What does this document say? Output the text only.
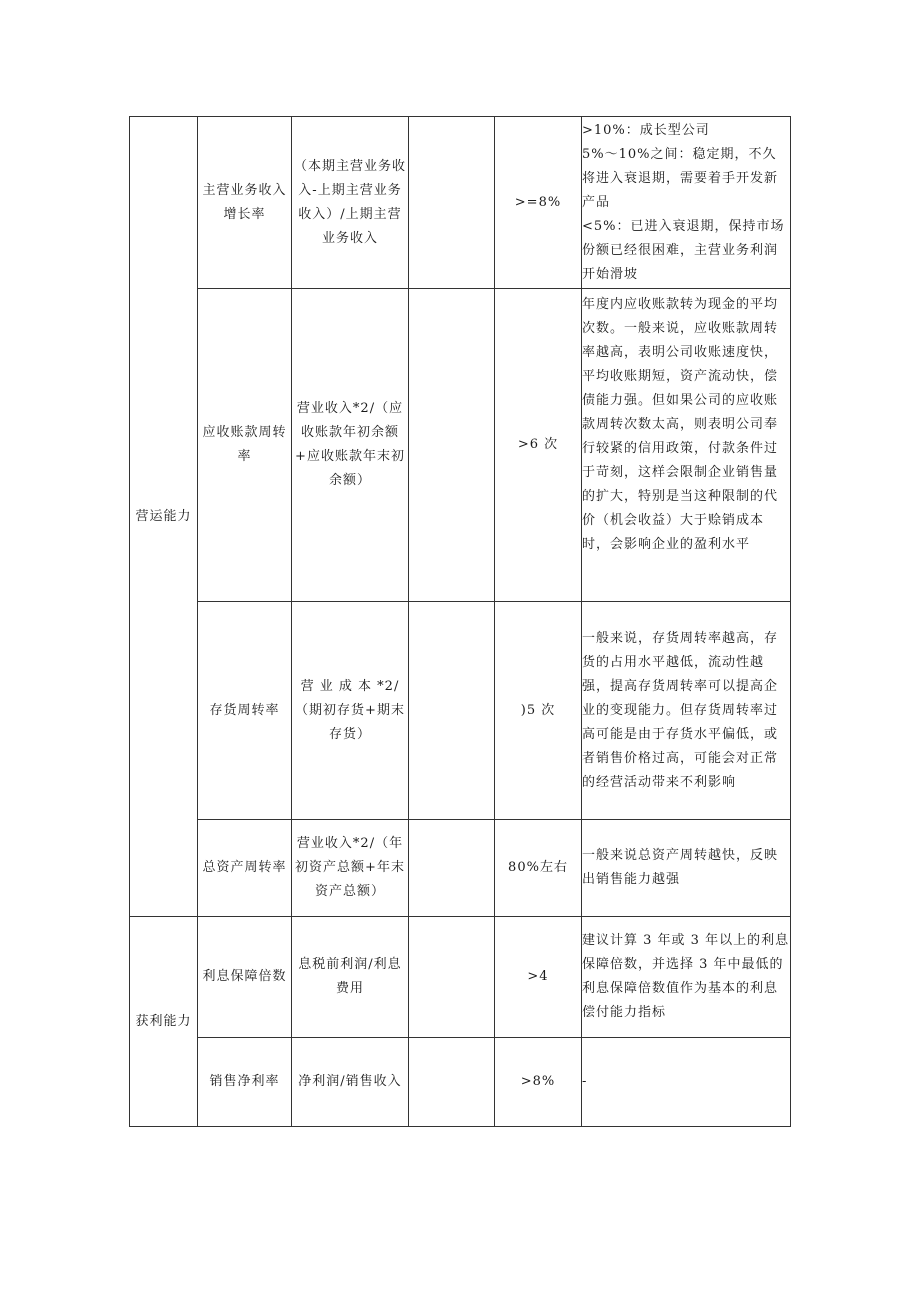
营运能力	主营业务收入增长率	（本期主营业务收入-上期主营业务收入）/上期主营业务收入		>=8%	>10%：成长型公司
5%～10%之间：稳定期，不久将进入衰退期，需要着手开发新产品
<5%：已进入衰退期，保持市场份额已经很困难，主营业务利润开始滑坡

	应收账款周转率	营业收入*2/（应收账款年初余额+应收账款年末初余额）		>6 次	年度内应收账款转为现金的平均次数。一般来说，应收账款周转率越高，表明公司收账速度快，平均收账期短，资产流动快，偿债能力强。但如果公司的应收账款周转次数太高，则表明公司奉行较紧的信用政策，付款条件过于苛刻，这样会限制企业销售量的扩大，特别是当这种限制的代价（机会收益）大于赊销成本时，会影响企业的盈利水平

	存货周转率	营 业 成 本 *2/（期初存货+期末存货）		)5 次	一般来说，存货周转率越高，存货的占用水平越低，流动性越强，提高存货周转率可以提高企业的变现能力。但存货周转率过高可能是由于存货水平偏低，或者销售价格过高，可能会对正常的经营活动带来不利影响

	总资产周转率	营业收入*2/（年初资产总额+年末资产总额）		80%左右	一般来说总资产周转越快，反映出销售能力越强

获利能力	利息保障倍数	息税前利润/利息费用		>4	建议计算 3 年或 3 年以上的利息保障倍数，并选择 3 年中最低的利息保障倍数值作为基本的利息偿付能力指标

	销售净利率	净利润/销售收入		>8%	-
